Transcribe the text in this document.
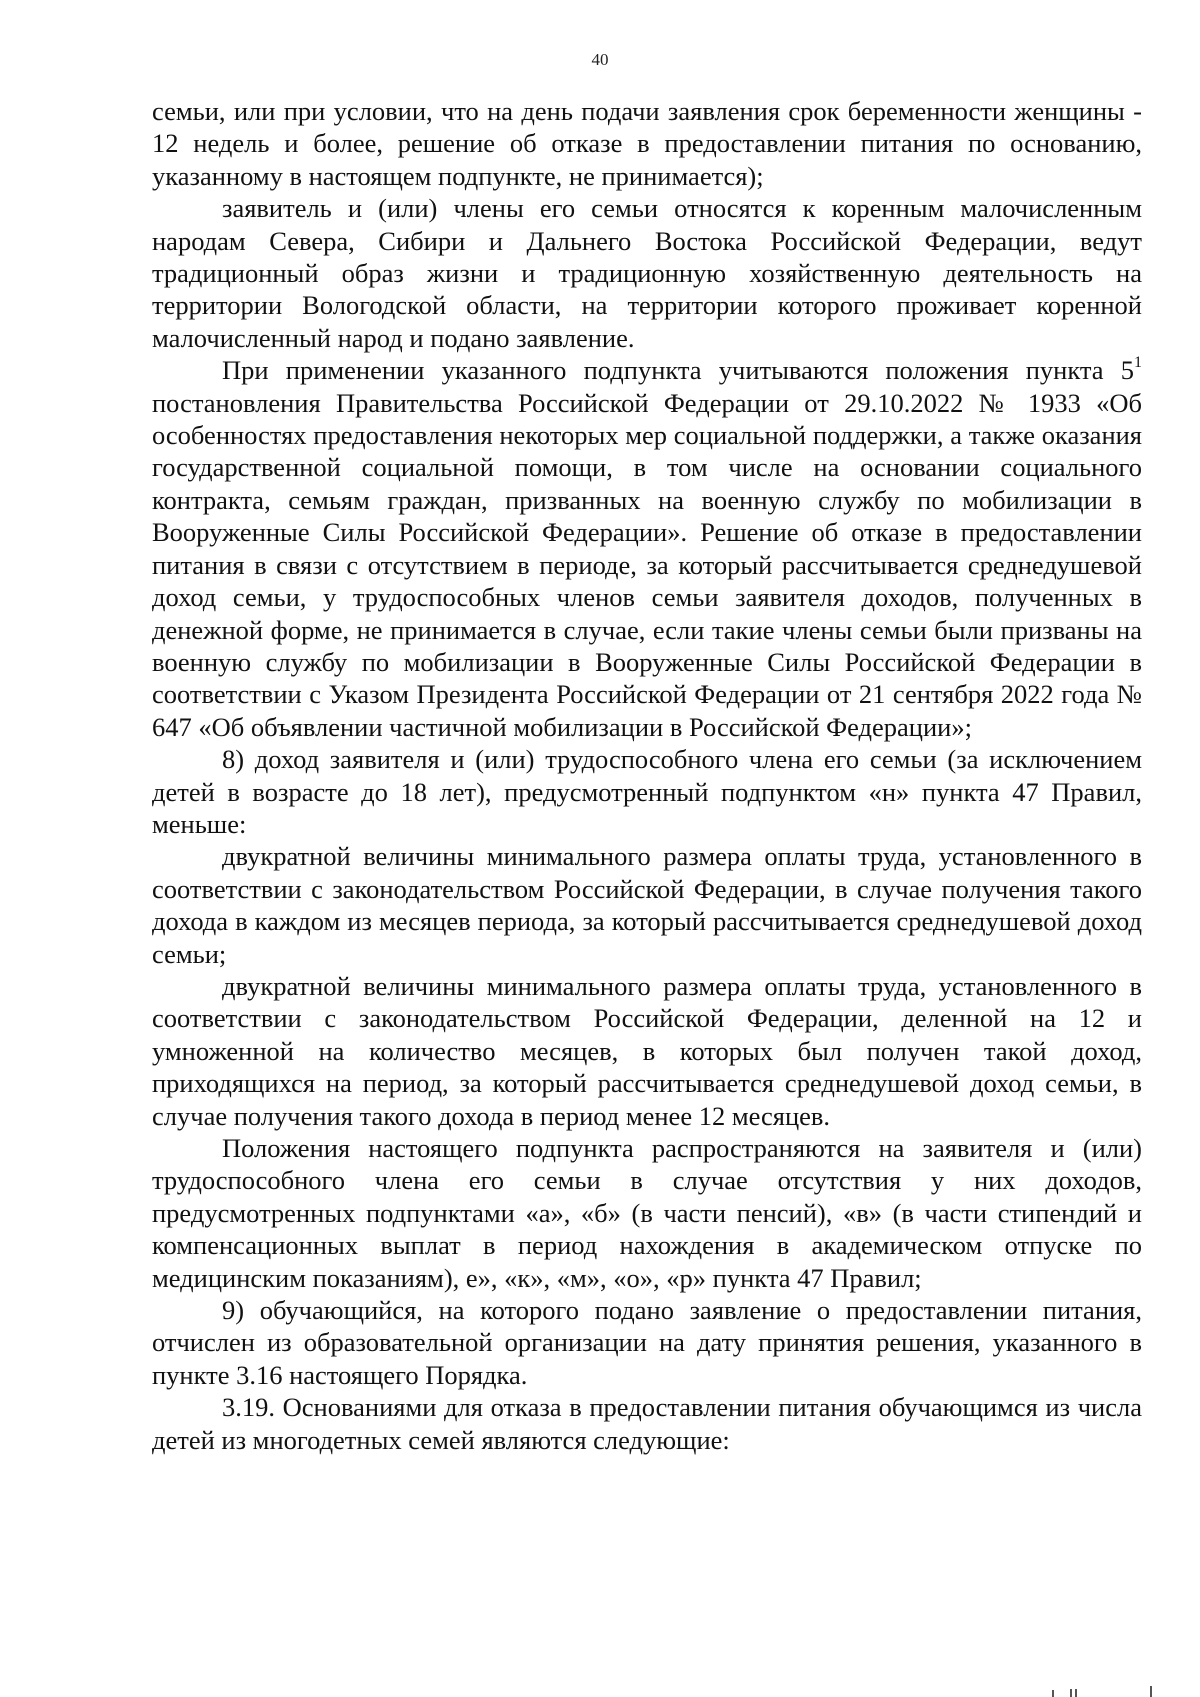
40

семьи, или при условии, что на день подачи заявления срок беременности женщины - 12 недель и более, решение об отказе в предоставлении питания по основанию, указанному в настоящем подпункте, не принимается);

заявитель и (или) члены его семьи относятся к коренным малочисленным народам Севера, Сибири и Дальнего Востока Российской Федерации, ведут традиционный образ жизни и традиционную хозяйственную деятельность на территории Вологодской области, на территории которого проживает коренной малочисленный народ и подано заявление.

При применении указанного подпункта учитываются положения пункта $5^1$ постановления Правительства Российской Федерации от 29.10.2022 № 1933 «Об особенностях предоставления некоторых мер социальной поддержки, а также оказания государственной социальной помощи, в том числе на основании социального контракта, семьям граждан, призванных на военную службу по мобилизации в Вооруженные Силы Российской Федерации». Решение об отказе в предоставлении питания в связи с отсутствием в периоде, за который рассчитывается среднедушевой доход семьи, у трудоспособных членов семьи заявителя доходов, полученных в денежной форме, не принимается в случае, если такие члены семьи были призваны на военную службу по мобилизации в Вооруженные Силы Российской Федерации в соответствии с Указом Президента Российской Федерации от 21 сентября 2022 года № 647 «Об объявлении частичной мобилизации в Российской Федерации»;

8) доход заявителя и (или) трудоспособного члена его семьи (за исключением детей в возрасте до 18 лет), предусмотренный подпунктом «н» пункта 47 Правил, меньше:

двукратной величины минимального размера оплаты труда, установленного в соответствии с законодательством Российской Федерации, в случае получения такого дохода в каждом из месяцев периода, за который рассчитывается среднедушевой доход семьи;

двукратной величины минимального размера оплаты труда, установленного в соответствии с законодательством Российской Федерации, деленной на 12 и умноженной на количество месяцев, в которых был получен такой доход, приходящихся на период, за который рассчитывается среднедушевой доход семьи, в случае получения такого дохода в период менее 12 месяцев.

Положения настоящего подпункта распространяются на заявителя и (или) трудоспособного члена его семьи в случае отсутствия у них доходов, предусмотренных подпунктами «а», «б» (в части пенсий), «в» (в части стипендий и компенсационных выплат в период нахождения в академическом отпуске по медицинским показаниям), е», «к», «м», «о», «р» пункта 47 Правил;

9) обучающийся, на которого подано заявление о предоставлении питания, отчислен из образовательной организации на дату принятия решения, указанного в пункте 3.16 настоящего Порядка.

3.19. Основаниями для отказа в предоставлении питания обучающимся из числа детей из многодетных семей являются следующие:
